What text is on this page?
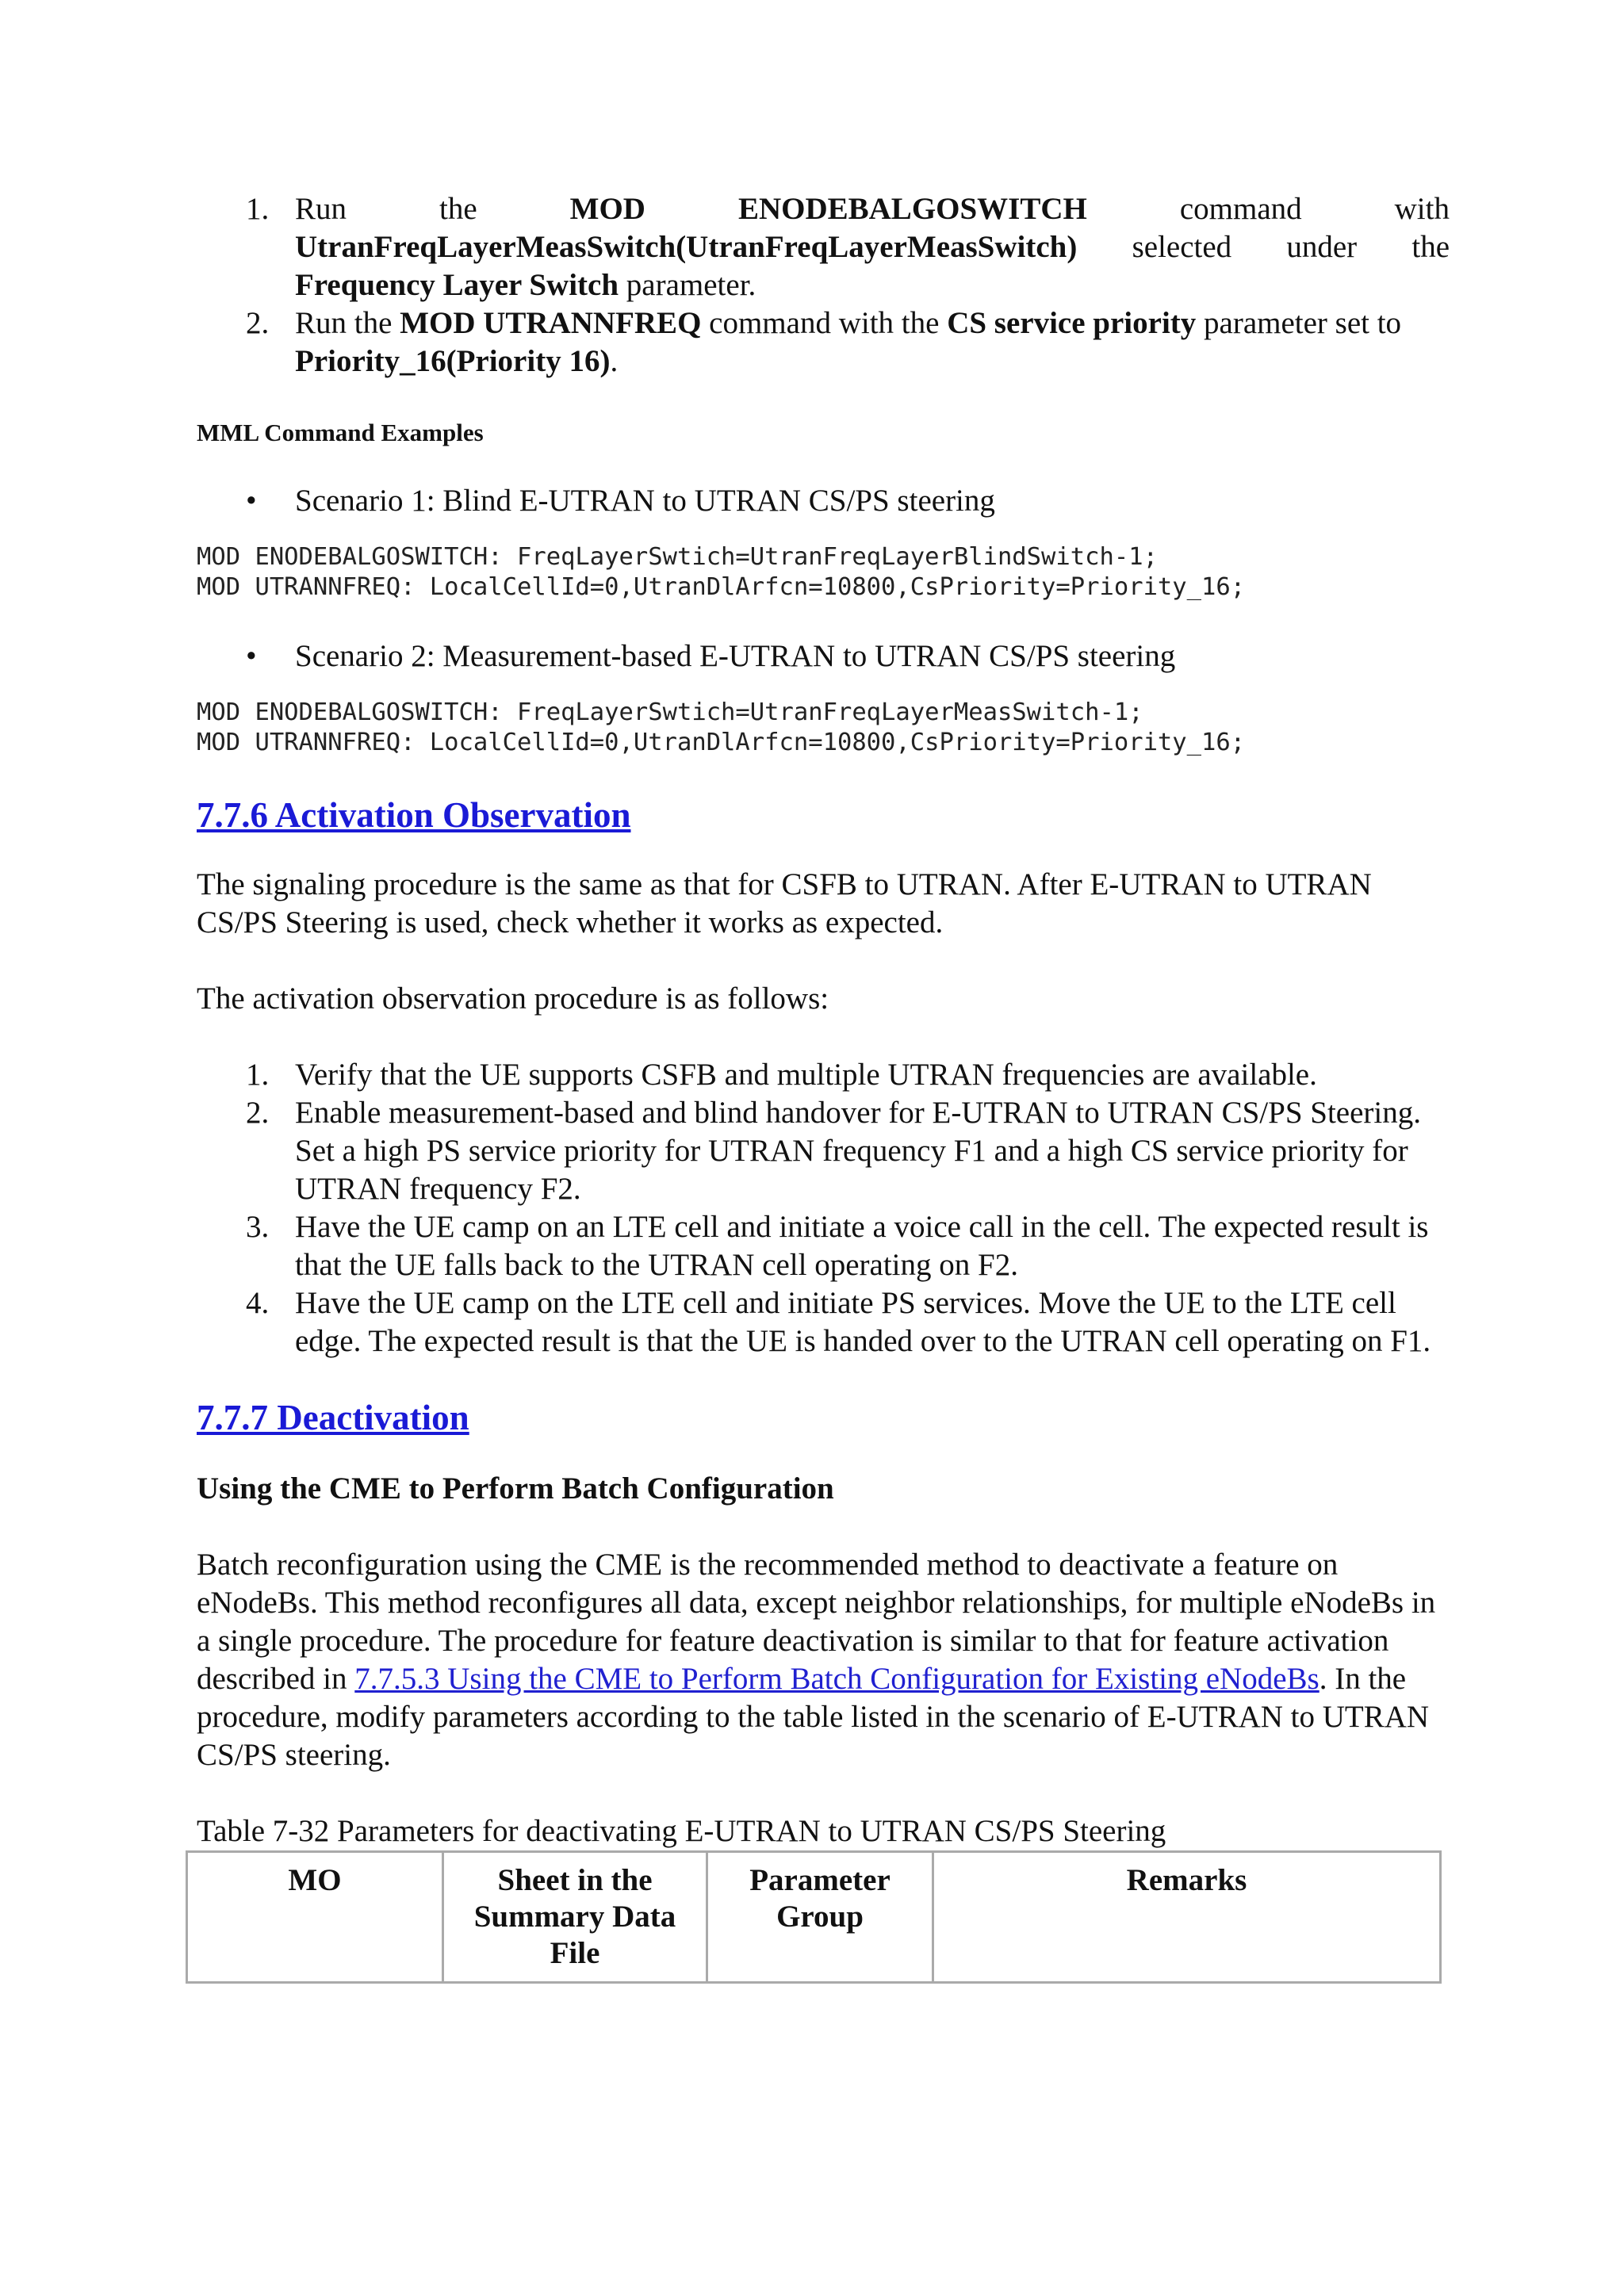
1. Run the MOD ENODEBALGOSWITCH command with UtranFreqLayerMeasSwitch(UtranFreqLayerMeasSwitch) selected under the Frequency Layer Switch parameter.
2. Run the MOD UTRANNFREQ command with the CS service priority parameter set to Priority_16(Priority 16).
MML Command Examples
• Scenario 1: Blind E-UTRAN to UTRAN CS/PS steering
MOD ENODEBALGOSWITCH: FreqLayerSwtich=UtranFreqLayerBlindSwitch-1;
MOD UTRANNFREQ: LocalCellId=0,UtranDlArfcn=10800,CsPriority=Priority_16;
• Scenario 2: Measurement-based E-UTRAN to UTRAN CS/PS steering
MOD ENODEBALGOSWITCH: FreqLayerSwtich=UtranFreqLayerMeasSwitch-1;
MOD UTRANNFREQ: LocalCellId=0,UtranDlArfcn=10800,CsPriority=Priority_16;
7.7.6 Activation Observation

The signaling procedure is the same as that for CSFB to UTRAN. After E-UTRAN to UTRAN CS/PS Steering is used, check whether it works as expected.

The activation observation procedure is as follows:

1. Verify that the UE supports CSFB and multiple UTRAN frequencies are available.
2. Enable measurement-based and blind handover for E-UTRAN to UTRAN CS/PS Steering. Set a high PS service priority for UTRAN frequency F1 and a high CS service priority for UTRAN frequency F2.
3. Have the UE camp on an LTE cell and initiate a voice call in the cell. The expected result is that the UE falls back to the UTRAN cell operating on F2.
4. Have the UE camp on the LTE cell and initiate PS services. Move the UE to the LTE cell edge. The expected result is that the UE is handed over to the UTRAN cell operating on F1.
7.7.7 Deactivation
Using the CME to Perform Batch Configuration

Batch reconfiguration using the CME is the recommended method to deactivate a feature on eNodeBs. This method reconfigures all data, except neighbor relationships, for multiple eNodeBs in a single procedure. The procedure for feature deactivation is similar to that for feature activation described in 7.7.5.3 Using the CME to Perform Batch Configuration for Existing eNodeBs. In the procedure, modify parameters according to the table listed in the scenario of E-UTRAN to UTRAN CS/PS steering.

Table 7-32 Parameters for deactivating E-UTRAN to UTRAN CS/PS Steering

MO	Sheet in the Summary Data File	Parameter Group	Remarks
